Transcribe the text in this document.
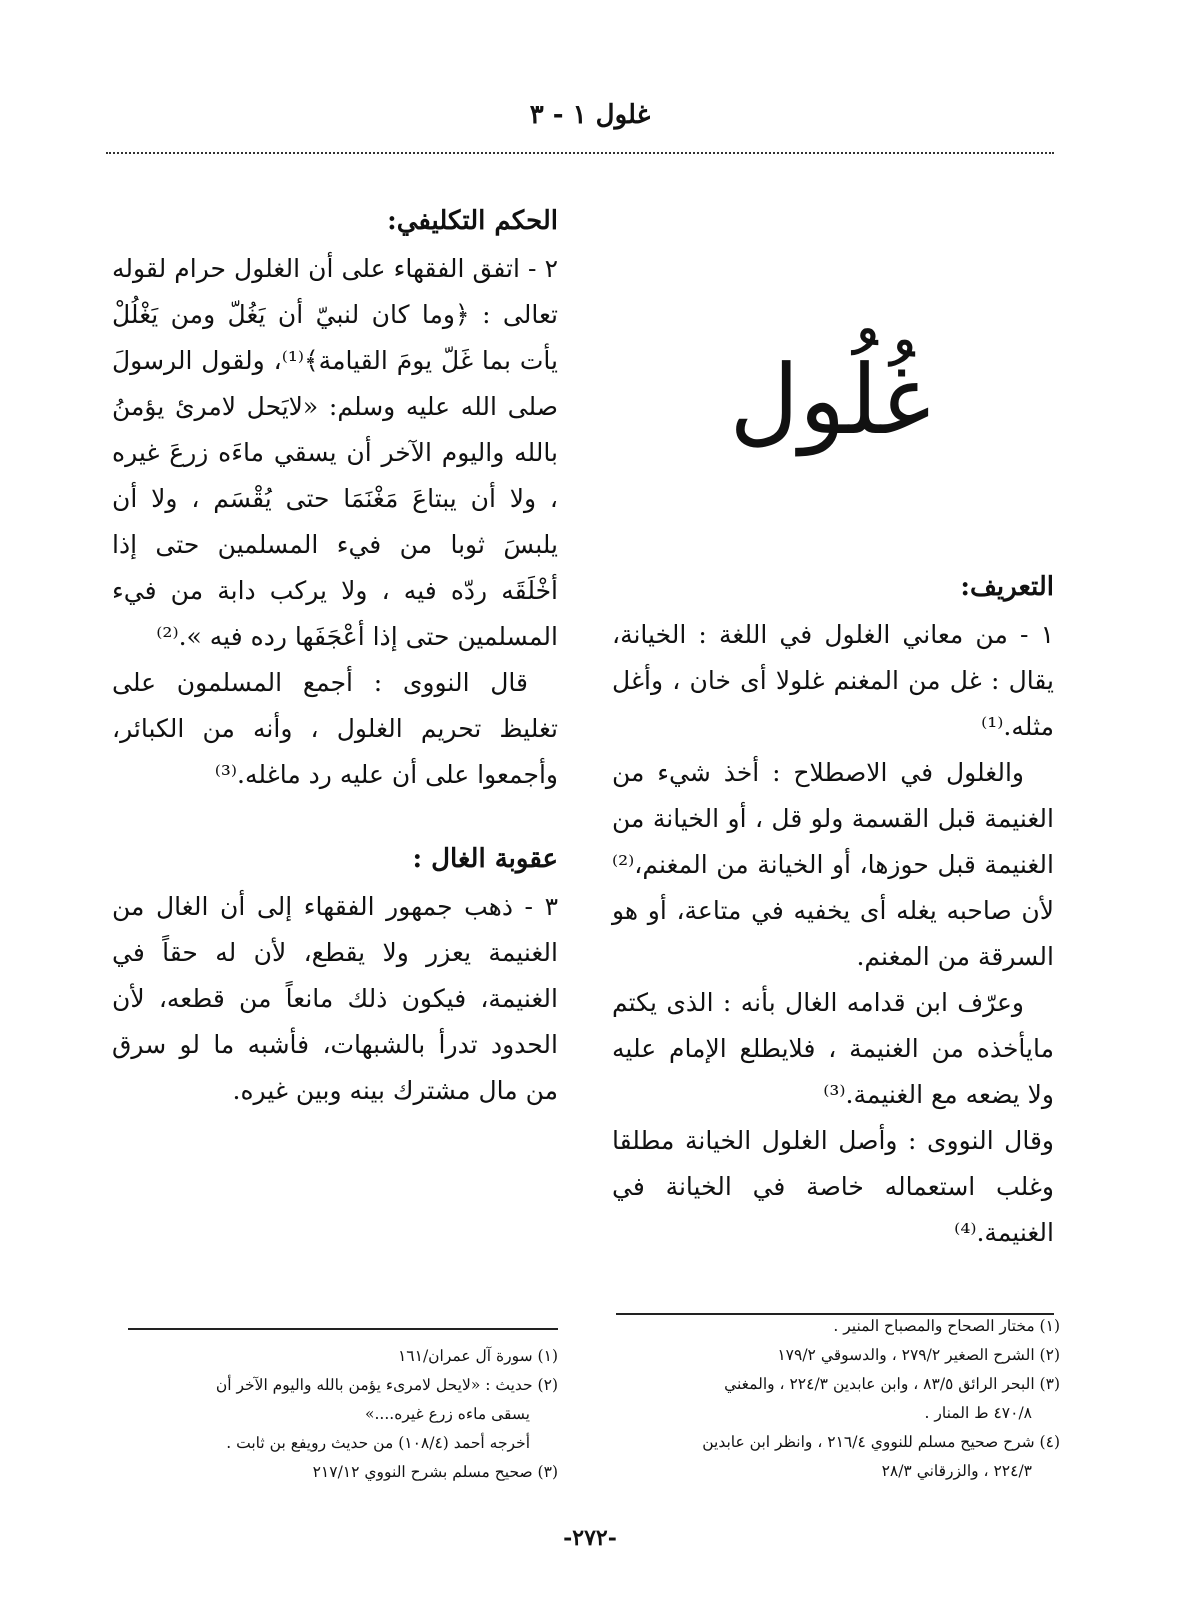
غلول ١ - ٣
غُلُول

الحكم التكليفي:

٢ - اتفق الفقهاء على أن الغلول حرام لقوله تعالى : ﴿وما كان لنبيّ أن يَغُلّ ومن يَغْلُلْ يأت بما غَلّ يومَ القيامة﴾⁽¹⁾، ولقول الرسولَ صلى الله عليه وسلم: «لايَحل لامرئ يؤمنُ بالله واليوم الآخر أن يسقي ماءَه زرعَ غيره ، ولا أن يبتاعَ مَغْنَمَا حتى يُقْسَم ، ولا أن يلبسَ ثوبا من فيء المسلمين حتى إذا أخْلَقَه ردّه فيه ، ولا يركب دابة من فيء المسلمين حتى إذا أعْجَفَها رده فيه ».⁽²⁾

قال النووى : أجمع المسلمون على تغليظ تحريم الغلول ، وأنه من الكبائر، وأجمعوا على أن عليه رد ماغله.⁽³⁾

عقوبة الغال :

٣ - ذهب جمهور الفقهاء إلى أن الغال من الغنيمة يعزر ولا يقطع، لأن له حقاً في الغنيمة، فيكون ذلك مانعاً من قطعه، لأن الحدود تدرأ بالشبهات، فأشبه ما لو سرق من مال مشترك بينه وبين غيره.

التعريف:

١ - من معاني الغلول في اللغة : الخيانة، يقال : غل من المغنم غلولا أى خان ، وأغل مثله.⁽¹⁾

والغلول في الاصطلاح : أخذ شيء من الغنيمة قبل القسمة ولو قل ، أو الخيانة من الغنيمة قبل حوزها، أو الخيانة من المغنم،⁽²⁾ لأن صاحبه يغله أى يخفيه في متاعة، أو هو السرقة من المغنم.

وعرّف ابن قدامه الغال بأنه : الذى يكتم مايأخذه من الغنيمة ، فلايطلع الإمام عليه ولا يضعه مع الغنيمة.⁽³⁾

وقال النووى : وأصل الغلول الخيانة مطلقا وغلب استعماله خاصة في الخيانة في الغنيمة.⁽⁴⁾

(١) سورة آل عمران/١٦١

(٢) حديث : «لايحل لامرىء يؤمن بالله واليوم الآخر أن

يسقى ماءه زرع غيره....»

أخرجه أحمد (١٠٨/٤) من حديث رويفع بن ثابت .

(٣) صحيح مسلم بشرح النووي ٢١٧/١٢

(١) مختار الصحاح والمصباح المنير .

(٢) الشرح الصغير ٢٧٩/٢ ، والدسوقي ١٧٩/٢

(٣) البحر الرائق ٨٣/٥ ، وابن عابدين ٢٢٤/٣ ، والمغني

٤٧٠/٨ ط المنار .

(٤) شرح صحيح مسلم للنووي ٢١٦/٤ ، وانظر ابن عابدين

٢٢٤/٣ ، والزرقاني ٢٨/٣

-٢٧٢-
